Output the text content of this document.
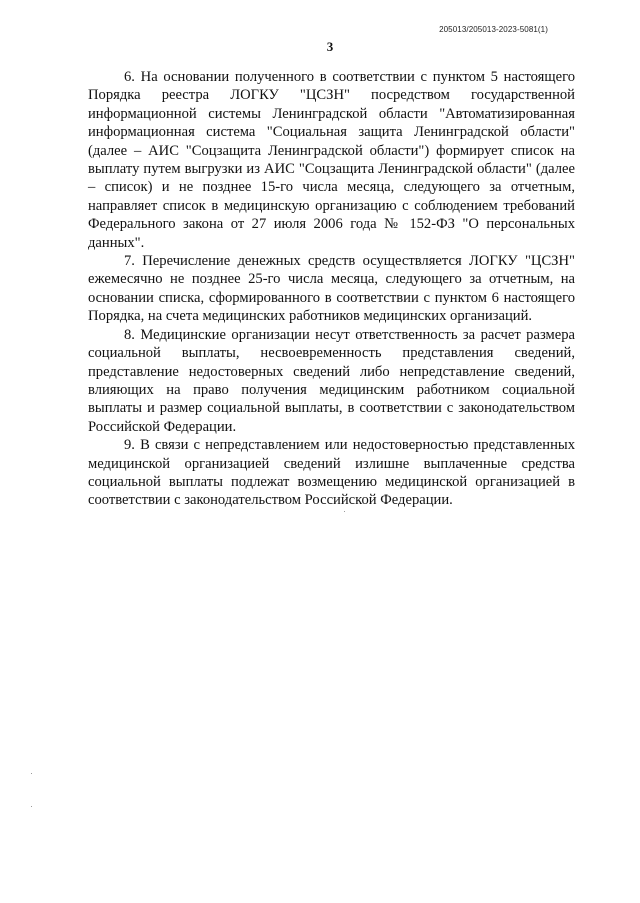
205013/205013-2023-5081(1)
3

6. На основании полученного в соответствии с пунктом 5 настоящего Порядка реестра ЛОГКУ "ЦСЗН" посредством государственной информационной системы Ленинградской области "Автоматизированная информационная система "Социальная защита Ленинградской области" (далее – АИС "Соцзащита Ленинградской области") формирует список на выплату путем выгрузки из АИС "Соцзащита Ленинградской области" (далее – список) и не позднее 15-го числа месяца, следующего за отчетным, направляет список в медицинскую организацию с соблюдением требований Федерального закона от 27 июля 2006 года № 152-ФЗ "О персональных данных".

7. Перечисление денежных средств осуществляется ЛОГКУ "ЦСЗН" ежемесячно не позднее 25-го числа месяца, следующего за отчетным, на основании списка, сформированного в соответствии с пунктом 6 настоящего Порядка, на счета медицинских работников медицинских организаций.

8. Медицинские организации несут ответственность за расчет размера социальной выплаты, несвоевременность представления сведений, представление недостоверных сведений либо непредставление сведений, влияющих на право получения медицинским работником социальной выплаты и размер социальной выплаты, в соответствии с законодательством Российской Федерации.

9. В связи с непредставлением или недостоверностью представленных медицинской организацией сведений излишне выплаченные средства социальной выплаты подлежат возмещению медицинской организацией в соответствии с законодательством Российской Федерации.
